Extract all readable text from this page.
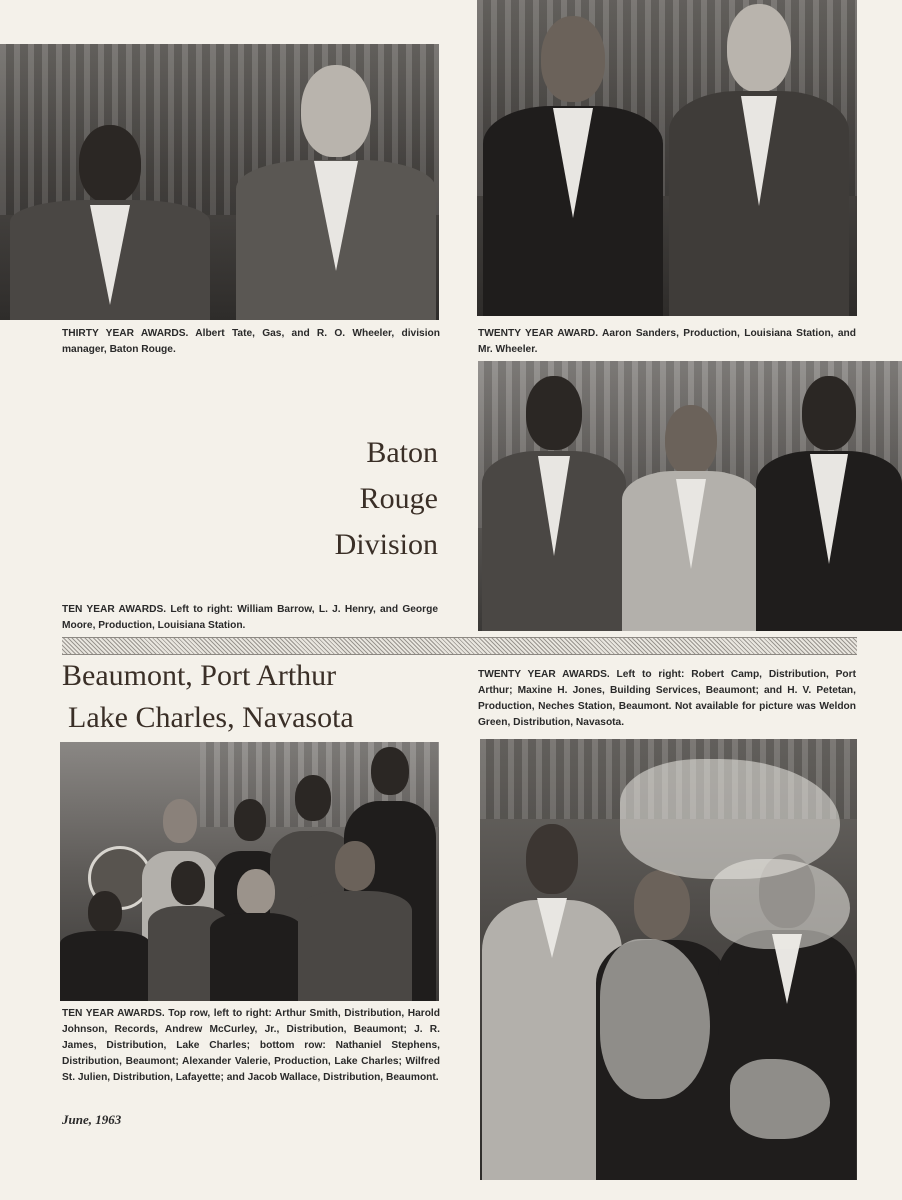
THIRTY YEAR AWARDS. Albert Tate, Gas, and R. O. Wheeler, division manager, Baton Rouge.
TWENTY YEAR AWARD. Aaron Sanders, Production, Louisiana Station, and Mr. Wheeler.
Baton
Rouge
Division
TEN YEAR AWARDS. Left to right: William Barrow, L. J. Henry, and George Moore, Production, Louisiana Station.
Beaumont, Port Arthur
Lake Charles, Navasota
TWENTY YEAR AWARDS. Left to right: Robert Camp, Distribution, Port Arthur; Maxine H. Jones, Building Services, Beaumont; and H. V. Petetan, Production, Neches Station, Beaumont. Not available for picture was Weldon Green, Distribution, Navasota.
TEN YEAR AWARDS. Top row, left to right: Arthur Smith, Distribution, Harold Johnson, Records, Andrew McCurley, Jr., Distribution, Beaumont; J. R. James, Distribution, Lake Charles; bottom row: Nathaniel Stephens, Distribution, Beaumont; Alexander Valerie, Production, Lake Charles; Wilfred St. Julien, Distribution, Lafayette; and Jacob Wallace, Distribution, Beaumont.
June, 1963
